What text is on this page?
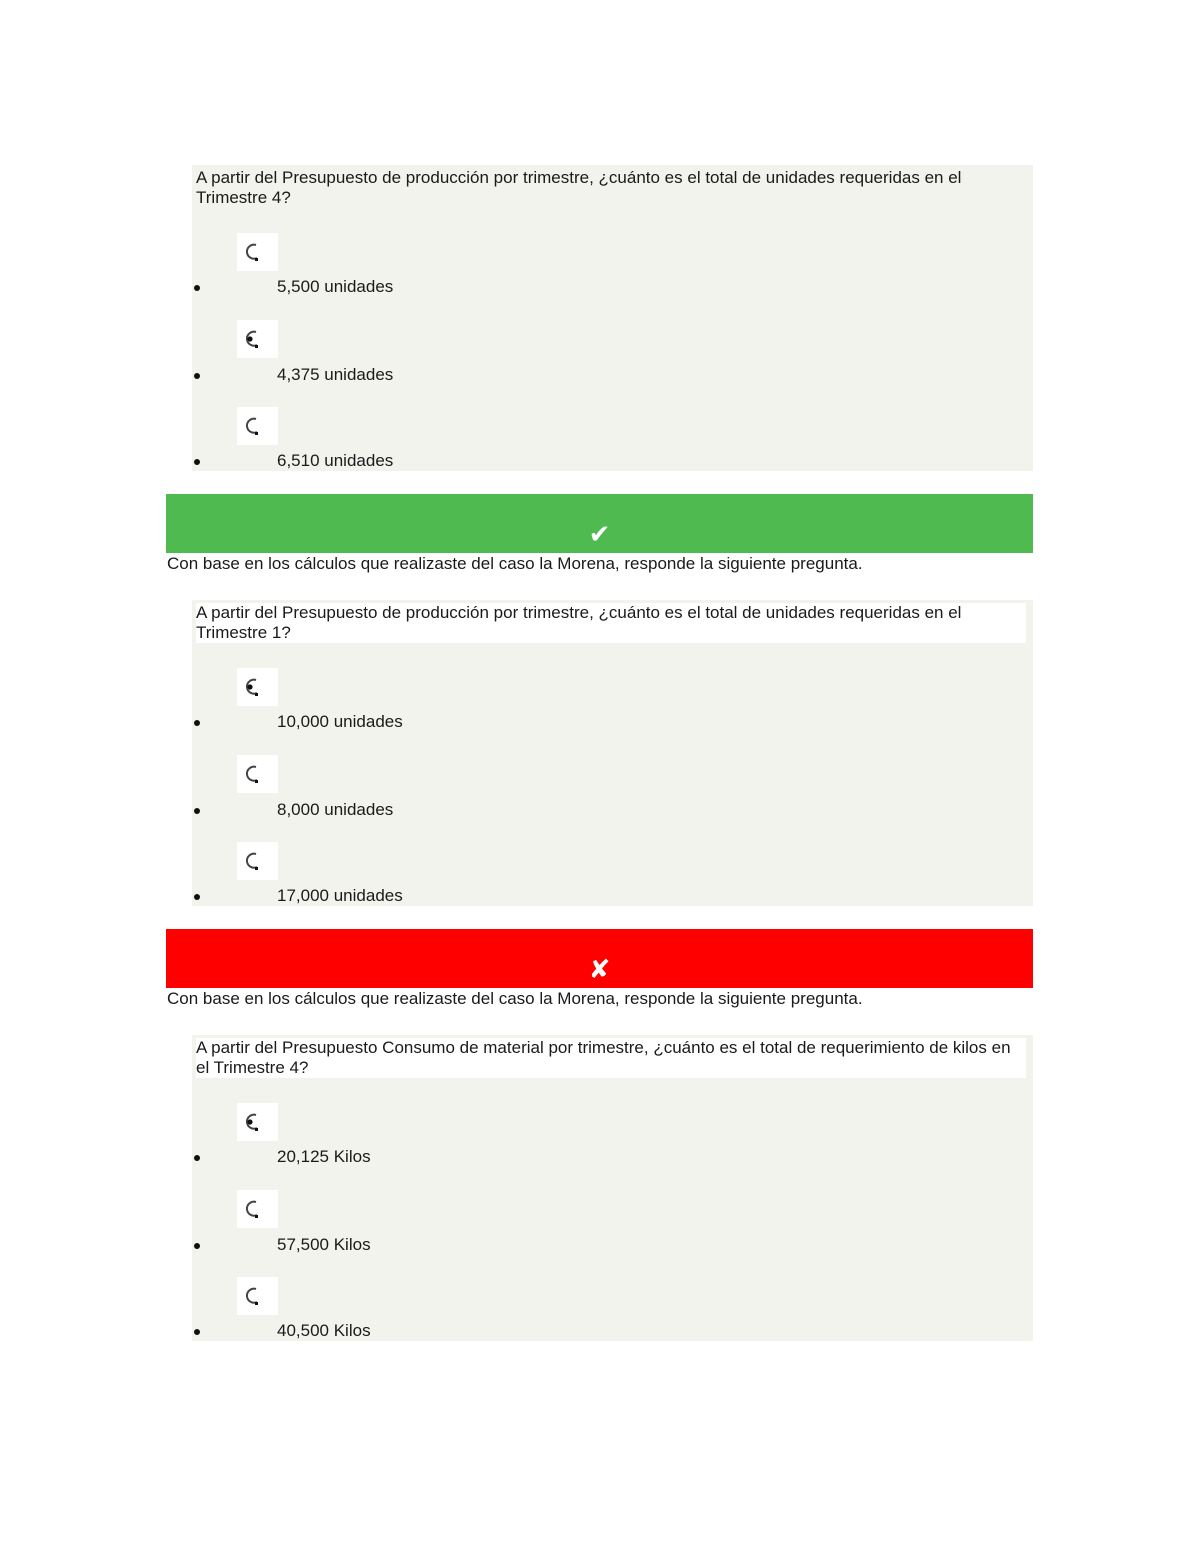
A partir del Presupuesto de producción por trimestre, ¿cuánto es el total de unidades requeridas en el Trimestre 4?

5,500 unidades
4,375 unidades
6,510 unidades
✔
Con base en los cálculos que realizaste del caso la Morena, responde la siguiente pregunta.

A partir del Presupuesto de producción por trimestre, ¿cuánto es el total de unidades requeridas en el Trimestre 1?

10,000 unidades
8,000 unidades
17,000 unidades
✘
Con base en los cálculos que realizaste del caso la Morena, responde la siguiente pregunta.

A partir del Presupuesto Consumo de material por trimestre, ¿cuánto es el total de requerimiento de kilos en el Trimestre 4?

20,125 Kilos
57,500 Kilos
40,500 Kilos
